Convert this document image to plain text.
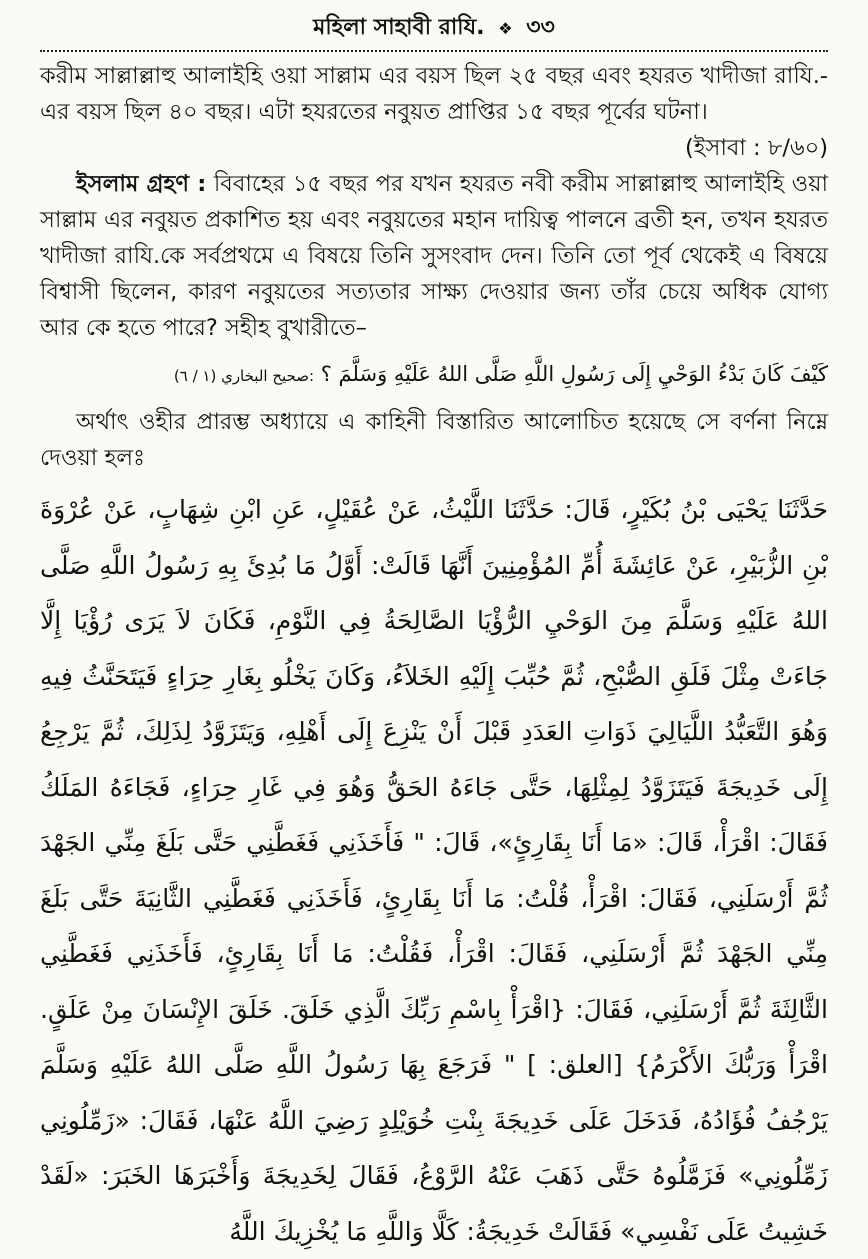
মহিলা সাহাবী রাযি. ❖ ৩৩

করীম সাল্লাল্লাহু আলাইহি ওয়া সাল্লাম এর বয়স ছিল ২৫ বছর এবং হযরত খাদীজা রাযি.-এর বয়স ছিল ৪০ বছর। এটা হযরতের নবুয়ত প্রাপ্তির ১৫ বছর পূর্বের ঘটনা।

(ইসাবা : ৮/৬০)

ইসলাম গ্রহণ : বিবাহের ১৫ বছর পর যখন হযরত নবী করীম সাল্লাল্লাহু আলাইহি ওয়া সাল্লাম এর নবুয়ত প্রকাশিত হয় এবং নবুয়তের মহান দায়িত্ব পালনে ব্রতী হন, তখন হযরত খাদীজা রাযি.কে সর্বপ্রথমে এ বিষয়ে তিনি সুসংবাদ দেন। তিনি তো পূর্ব থেকেই এ বিষয়ে বিশ্বাসী ছিলেন, কারণ নবুয়তের সত্যতার সাক্ষ্য দেওয়ার জন্য তাঁর চেয়ে অধিক যোগ্য আর কে হতে পারে? সহীহ বুখারীতে–

كَيْفَ كَانَ بَدْءُ الوَحْيِ إِلَى رَسُولِ اللَّهِ صَلَّى اللهُ عَلَيْهِ وَسَلَّمَ ؟ :صحيح البخاري (١ / ٦)

অর্থাৎ ওহীর প্রারম্ভ অধ্যায়ে এ কাহিনী বিস্তারিত আলোচিত হয়েছে সে বর্ণনা নিম্নে দেওয়া হলঃ

حَدَّثَنَا يَحْيَى بْنُ بُكَيْرٍ، قَالَ: حَدَّثَنَا اللَّيْثُ، عَنْ عُقَيْلٍ، عَنِ ابْنِ شِهَابٍ، عَنْ عُرْوَةَ بْنِ الزُّبَيْرِ، عَنْ عَائِشَةَ أُمِّ المُؤْمِنِينَ أَنَّهَا قَالَتْ: أَوَّلُ مَا بُدِئَ بِهِ رَسُولُ اللَّهِ صَلَّى اللهُ عَلَيْهِ وَسَلَّمَ مِنَ الوَحْيِ الرُّؤْيَا الصَّالِحَةُ فِي النَّوْمِ، فَكَانَ لاَ يَرَى رُؤْيَا إِلَّا جَاءَتْ مِثْلَ فَلَقِ الصُّبْحِ، ثُمَّ حُبِّبَ إِلَيْهِ الخَلاَءُ، وَكَانَ يَخْلُو بِغَارِ حِرَاءٍ فَيَتَحَنَّثُ فِيهِ وَهُوَ التَّعَبُّدُ اللَّيَالِيَ ذَوَاتِ العَدَدِ قَبْلَ أَنْ يَنْزِعَ إِلَى أَهْلِهِ، وَيَتَزَوَّدُ لِذَلِكَ، ثُمَّ يَرْجِعُ إِلَى خَدِيجَةَ فَيَتَزَوَّدُ لِمِثْلِهَا، حَتَّى جَاءَهُ الحَقُّ وَهُوَ فِي غَارِ حِرَاءٍ، فَجَاءَهُ المَلَكُ فَقَالَ: اقْرَأْ، قَالَ: «مَا أَنَا بِقَارِئٍ»، قَالَ: " فَأَخَذَنِي فَغَطَّنِي حَتَّى بَلَغَ مِنِّي الجَهْدَ ثُمَّ أَرْسَلَنِي، فَقَالَ: اقْرَأْ، قُلْتُ: مَا أَنَا بِقَارِئٍ، فَأَخَذَنِي فَغَطَّنِي الثَّانِيَةَ حَتَّى بَلَغَ مِنِّي الجَهْدَ ثُمَّ أَرْسَلَنِي، فَقَالَ: اقْرَأْ، فَقُلْتُ: مَا أَنَا بِقَارِئٍ، فَأَخَذَنِي فَغَطَّنِي الثَّالِثَةَ ثُمَّ أَرْسَلَنِي، فَقَالَ: {اقْرَأْ بِاسْمِ رَبِّكَ الَّذِي خَلَقَ. خَلَقَ الإِنْسَانَ مِنْ عَلَقٍ. اقْرَأْ وَرَبُّكَ الأَكْرَمُ} [العلق: ] " فَرَجَعَ بِهَا رَسُولُ اللَّهِ صَلَّى اللهُ عَلَيْهِ وَسَلَّمَ يَرْجُفُ فُؤَادُهُ، فَدَخَلَ عَلَى خَدِيجَةَ بِنْتِ خُوَيْلِدٍ رَضِيَ اللَّهُ عَنْهَا، فَقَالَ: «زَمِّلُونِي زَمِّلُونِي» فَزَمَّلُوهُ حَتَّى ذَهَبَ عَنْهُ الرَّوْعُ، فَقَالَ لِخَدِيجَةَ وَأَخْبَرَهَا الخَبَرَ: «لَقَدْ خَشِيتُ عَلَى نَفْسِي» فَقَالَتْ خَدِيجَةُ: كَلَّا وَاللَّهِ مَا يُخْزِيكَ اللَّهُ
